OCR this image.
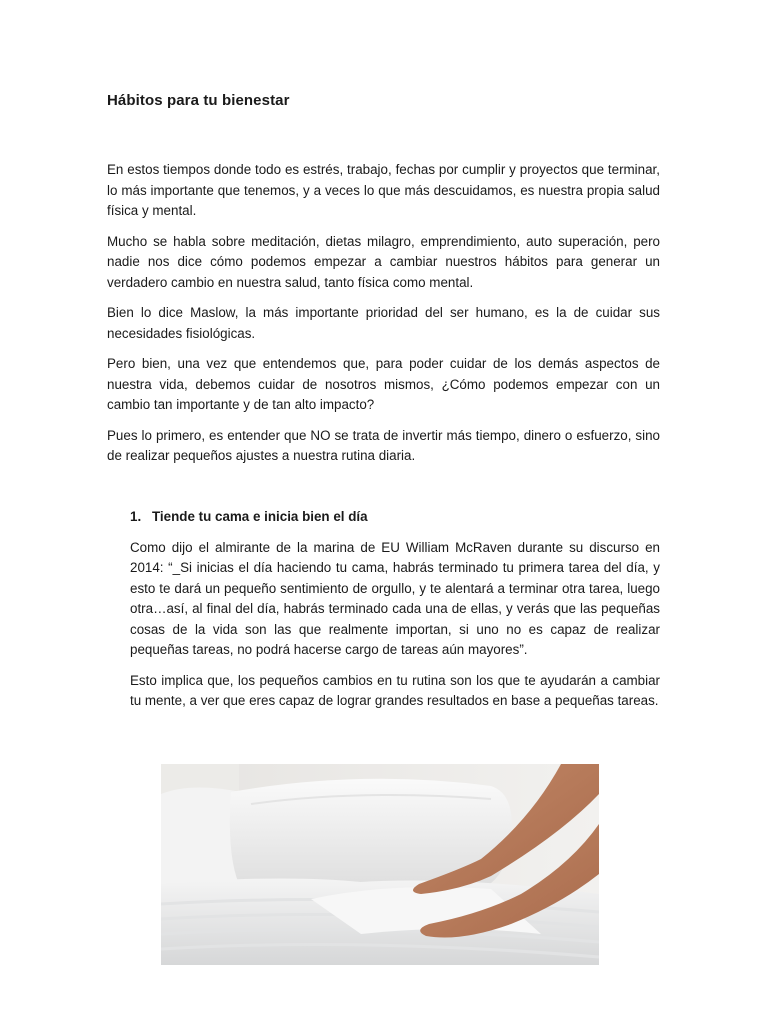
Hábitos para tu bienestar

En estos tiempos donde todo es estrés, trabajo, fechas por cumplir y proyectos que terminar, lo más importante que tenemos, y a veces lo que más descuidamos, es nuestra propia salud física y mental.

Mucho se habla sobre meditación, dietas milagro, emprendimiento, auto superación, pero nadie nos dice cómo podemos empezar a cambiar nuestros hábitos para generar un verdadero cambio en nuestra salud, tanto física como mental.

Bien lo dice Maslow, la más importante prioridad del ser humano, es la de cuidar sus necesidades fisiológicas.

Pero bien, una vez que entendemos que, para poder cuidar de los demás aspectos de nuestra vida, debemos cuidar de nosotros mismos, ¿Cómo podemos empezar con un cambio tan importante y de tan alto impacto?

Pues lo primero, es entender que NO se trata de invertir más tiempo, dinero o esfuerzo, sino de realizar pequeños ajustes a nuestra rutina diaria.

1. Tiende tu cama e inicia bien el día

Como dijo el almirante de la marina de EU William McRaven durante su discurso en 2014: “_Si inicias el día haciendo tu cama, habrás terminado tu primera tarea del día, y esto te dará un pequeño sentimiento de orgullo, y te alentará a terminar otra tarea, luego otra…así, al final del día, habrás terminado cada una de ellas, y verás que las pequeñas cosas de la vida son las que realmente importan, si uno no es capaz de realizar pequeñas tareas, no podrá hacerse cargo de tareas aún mayores”.

Esto implica que, los pequeños cambios en tu rutina son los que te ayudarán a cambiar tu mente, a ver que eres capaz de lograr grandes resultados en base a pequeñas tareas.
